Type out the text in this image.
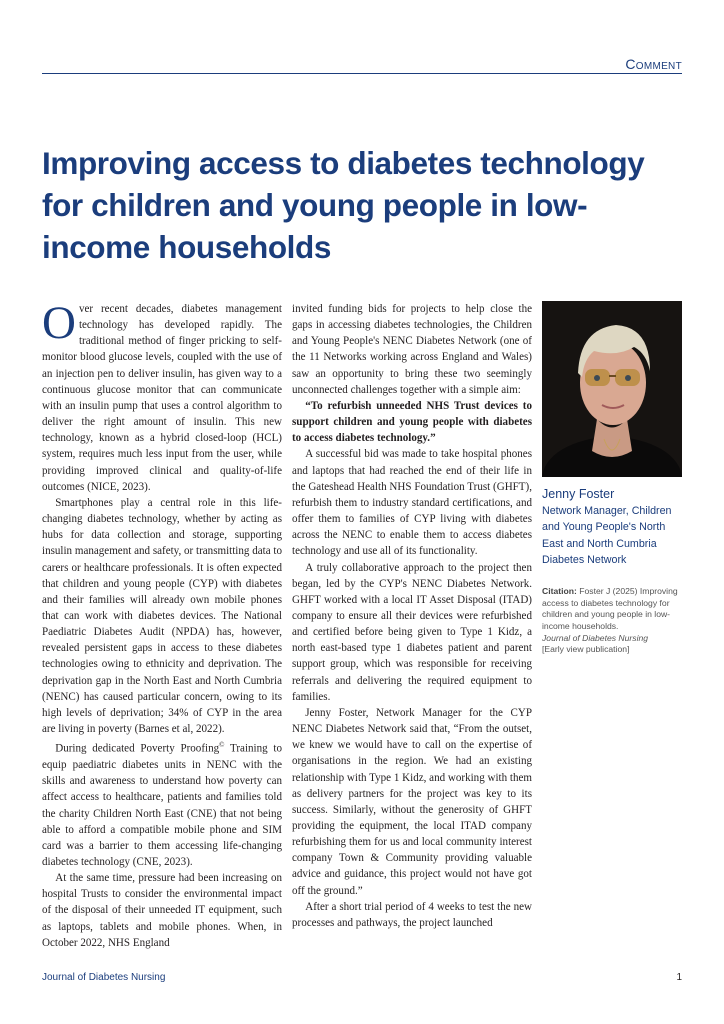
Comment
Improving access to diabetes technology for children and young people in low-income households

Over recent decades, diabetes management technology has developed rapidly. The traditional method of finger pricking to self-monitor blood glucose levels, coupled with the use of an injection pen to deliver insulin, has given way to a continuous glucose monitor that can communicate with an insulin pump that uses a control algorithm to deliver the right amount of insulin. This new technology, known as a hybrid closed-loop (HCL) system, requires much less input from the user, while providing improved clinical and quality-of-life outcomes (NICE, 2023).

Smartphones play a central role in this life-changing diabetes technology, whether by acting as hubs for data collection and storage, supporting insulin management and safety, or transmitting data to carers or healthcare professionals. It is often expected that children and young people (CYP) with diabetes and their families will already own mobile phones that can work with diabetes devices. The National Paediatric Diabetes Audit (NPDA) has, however, revealed persistent gaps in access to these diabetes technologies owing to ethnicity and deprivation. The deprivation gap in the North East and North Cumbria (NENC) has caused particular concern, owing to its high levels of deprivation; 34% of CYP in the area are living in poverty (Barnes et al, 2022).

During dedicated Poverty Proofing© Training to equip paediatric diabetes units in NENC with the skills and awareness to understand how poverty can affect access to healthcare, patients and families told the charity Children North East (CNE) that not being able to afford a compatible mobile phone and SIM card was a barrier to them accessing life-changing diabetes technology (CNE, 2023).

At the same time, pressure had been increasing on hospital Trusts to consider the environmental impact of the disposal of their unneeded IT equipment, such as laptops, tablets and mobile phones. When, in October 2022, NHS England

invited funding bids for projects to help close the gaps in accessing diabetes technologies, the Children and Young People's NENC Diabetes Network (one of the 11 Networks working across England and Wales) saw an opportunity to bring these two seemingly unconnected challenges together with a simple aim:

“To refurbish unneeded NHS Trust devices to support children and young people with diabetes to access diabetes technology.”

A successful bid was made to take hospital phones and laptops that had reached the end of their life in the Gateshead Health NHS Foundation Trust (GHFT), refurbish them to industry standard certifications, and offer them to families of CYP living with diabetes across the NENC to enable them to access diabetes technology and use all of its functionality.

A truly collaborative approach to the project then began, led by the CYP's NENC Diabetes Network. GHFT worked with a local IT Asset Disposal (ITAD) company to ensure all their devices were refurbished and certified before being given to Type 1 Kidz, a north east-based type 1 diabetes patient and parent support group, which was responsible for receiving referrals and delivering the required equipment to families.

Jenny Foster, Network Manager for the CYP NENC Diabetes Network said that, “From the outset, we knew we would have to call on the expertise of organisations in the region. We had an existing relationship with Type 1 Kidz, and working with them as delivery partners for the project was key to its success. Similarly, without the generosity of GHFT providing the equipment, the local ITAD company refurbishing them for us and local community interest company Town & Community providing valuable advice and guidance, this project would not have got off the ground.”

After a short trial period of 4 weeks to test the new processes and pathways, the project launched

Jenny Foster
Network Manager, Children and Young People's North East and North Cumbria Diabetes Network
Citation: Foster J (2025) Improving access to diabetes technology for children and young people in low-income households.
Journal of Diabetes Nursing
[Early view publication]
Journal of Diabetes Nursing	1
